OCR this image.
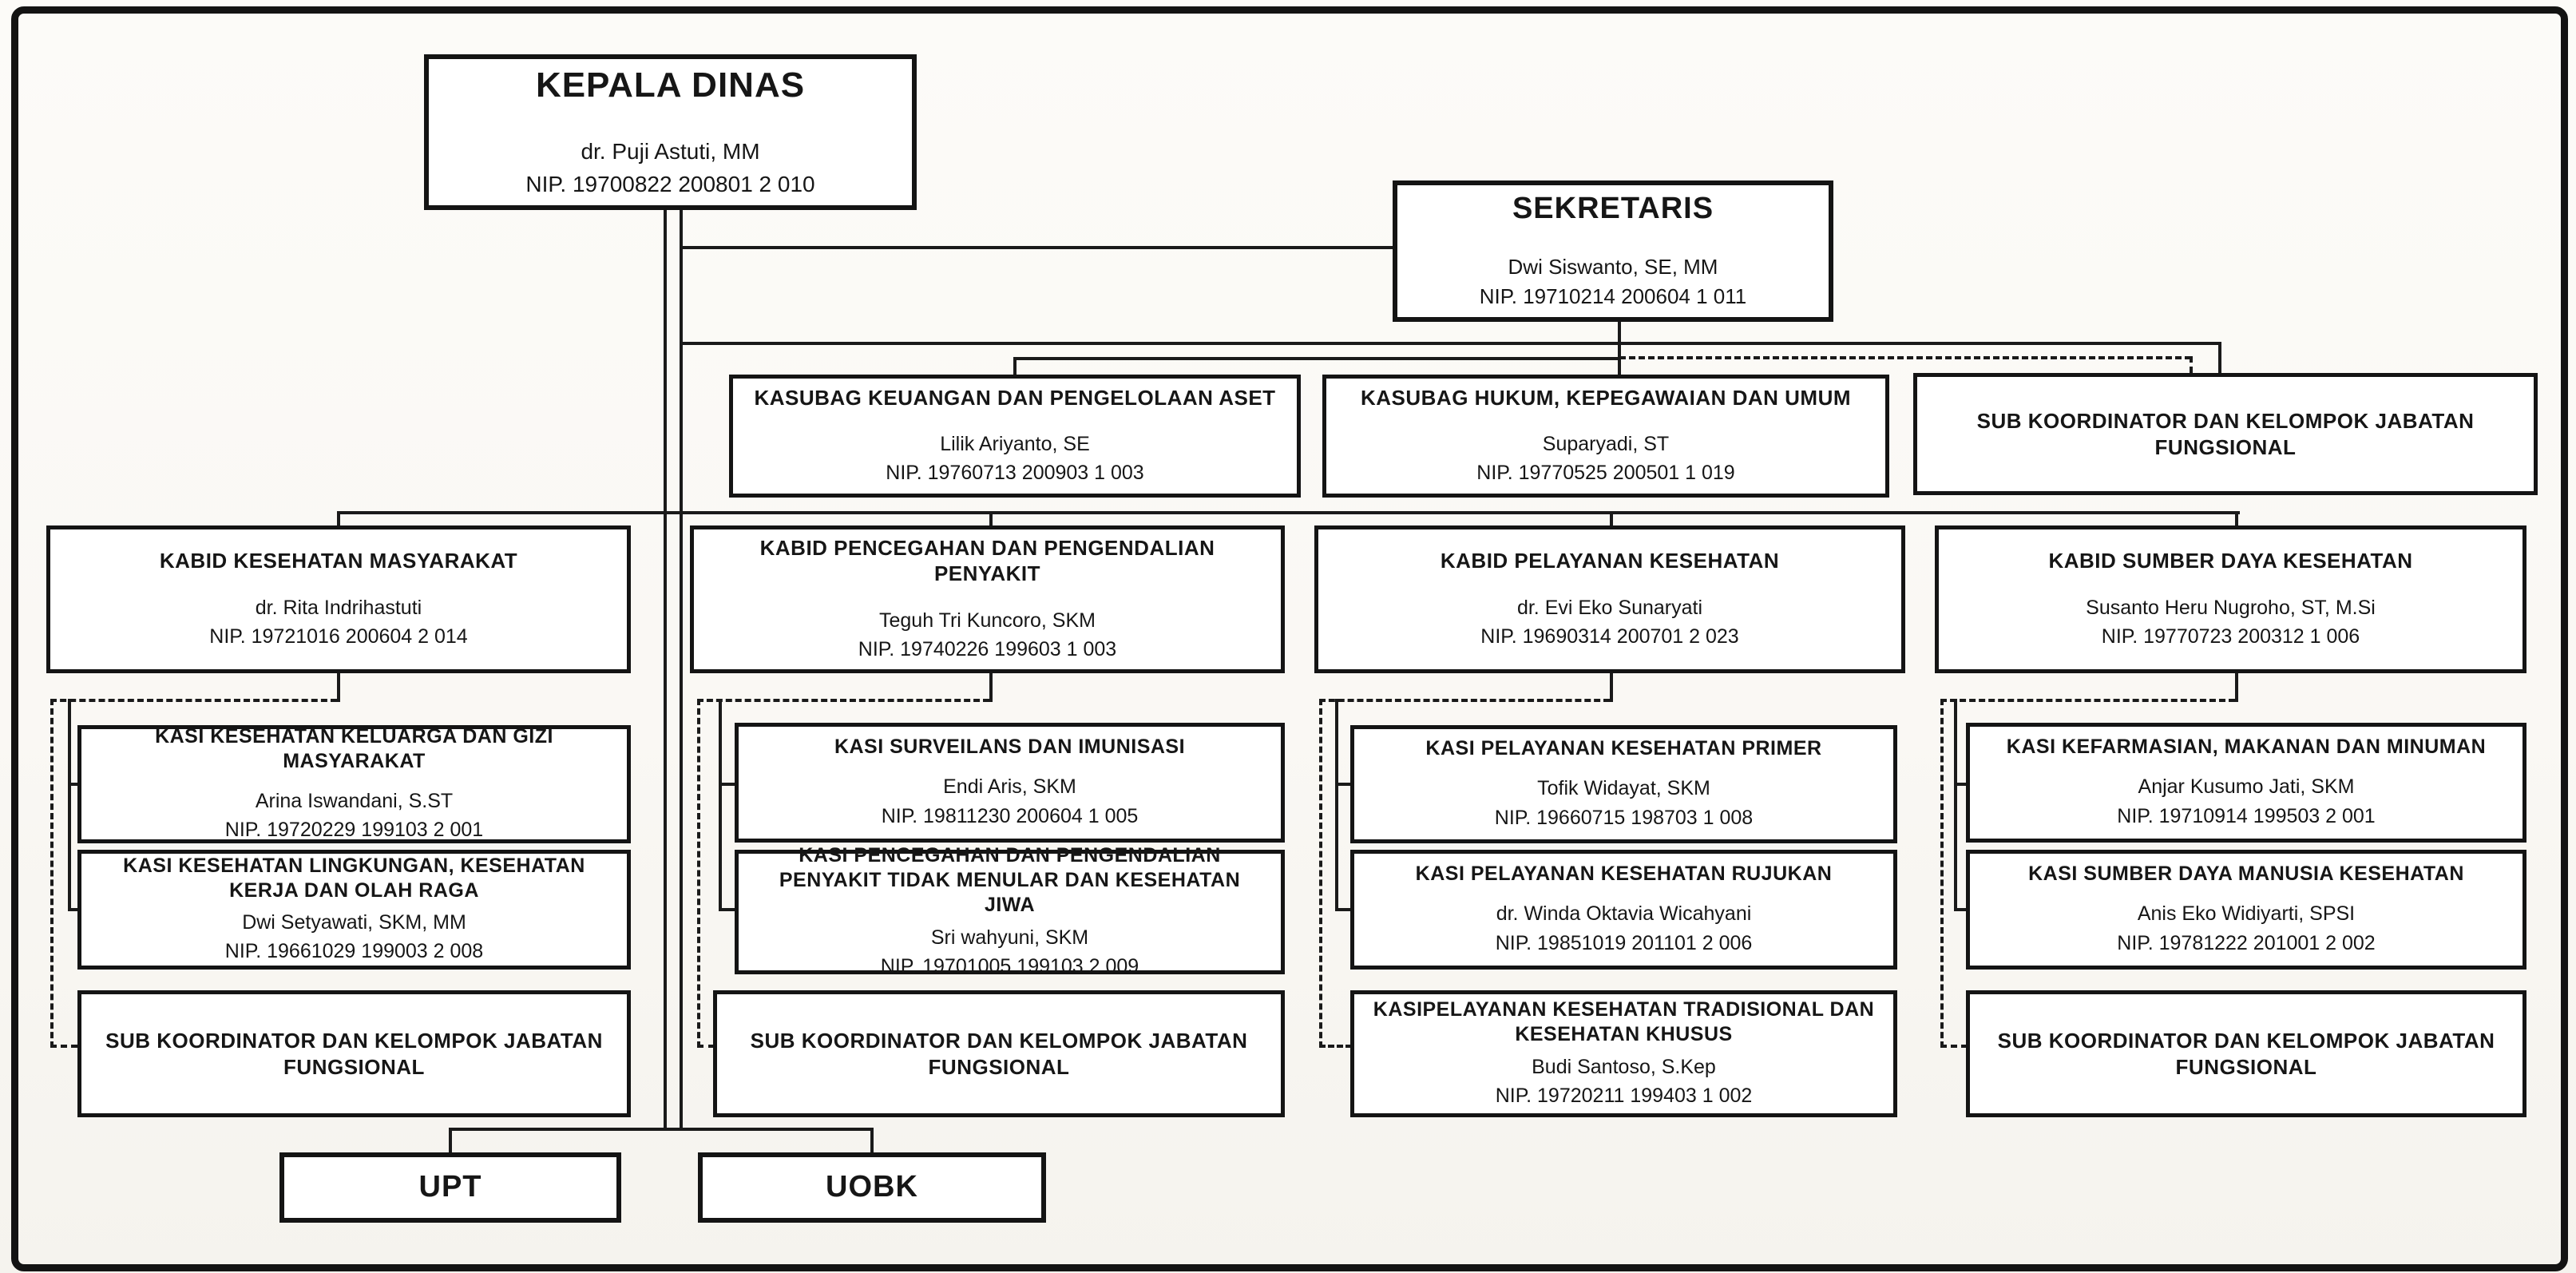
KEPALA DINAS
dr. Puji Astuti, MM
NIP. 19700822 200801 2 010
SEKRETARIS
Dwi Siswanto, SE, MM
NIP. 19710214 200604 1 011
KASUBAG KEUANGAN DAN PENGELOLAAN ASET
Lilik Ariyanto, SE
NIP. 19760713 200903 1 003
KASUBAG HUKUM, KEPEGAWAIAN DAN UMUM
Suparyadi, ST
NIP. 19770525 200501 1 019
SUB KOORDINATOR DAN KELOMPOK JABATAN FUNGSIONAL
KABID KESEHATAN MASYARAKAT
dr. Rita Indrihastuti
NIP. 19721016 200604 2 014
KABID PENCEGAHAN DAN PENGENDALIAN PENYAKIT
Teguh Tri Kuncoro, SKM
NIP. 19740226 199603 1 003
KABID PELAYANAN KESEHATAN
dr. Evi Eko Sunaryati
NIP. 19690314 200701 2 023
KABID SUMBER DAYA KESEHATAN
Susanto Heru Nugroho, ST, M.Si
NIP. 19770723 200312 1 006
KASI KESEHATAN KELUARGA DAN GIZI MASYARAKAT
Arina Iswandani, S.ST
NIP. 19720229 199103 2 001
KASI SURVEILANS DAN IMUNISASI
Endi Aris, SKM
NIP. 19811230 200604 1 005
KASI PELAYANAN KESEHATAN PRIMER
Tofik Widayat, SKM
NIP. 19660715 198703 1 008
KASI KEFARMASIAN, MAKANAN DAN MINUMAN
Anjar Kusumo Jati, SKM
NIP. 19710914 199503 2 001
KASI KESEHATAN LINGKUNGAN, KESEHATAN KERJA DAN OLAH RAGA
Dwi Setyawati, SKM, MM
NIP. 19661029 199003 2 008
KASI PENCEGAHAN DAN PENGENDALIAN PENYAKIT TIDAK MENULAR DAN KESEHATAN JIWA
Sri wahyuni, SKM
NIP. 19701005 199103 2 009
KASI PELAYANAN KESEHATAN RUJUKAN
dr. Winda Oktavia Wicahyani
NIP. 19851019 201101 2 006
KASI SUMBER DAYA MANUSIA KESEHATAN
Anis Eko Widiyarti, SPSI
NIP. 19781222 201001 2 002
SUB KOORDINATOR DAN KELOMPOK JABATAN FUNGSIONAL
SUB KOORDINATOR DAN KELOMPOK JABATAN FUNGSIONAL
KASIPELAYANAN KESEHATAN TRADISIONAL DAN KESEHATAN KHUSUS
Budi Santoso, S.Kep
NIP. 19720211 199403 1 002
SUB KOORDINATOR DAN KELOMPOK JABATAN FUNGSIONAL
UPT	UOBK
